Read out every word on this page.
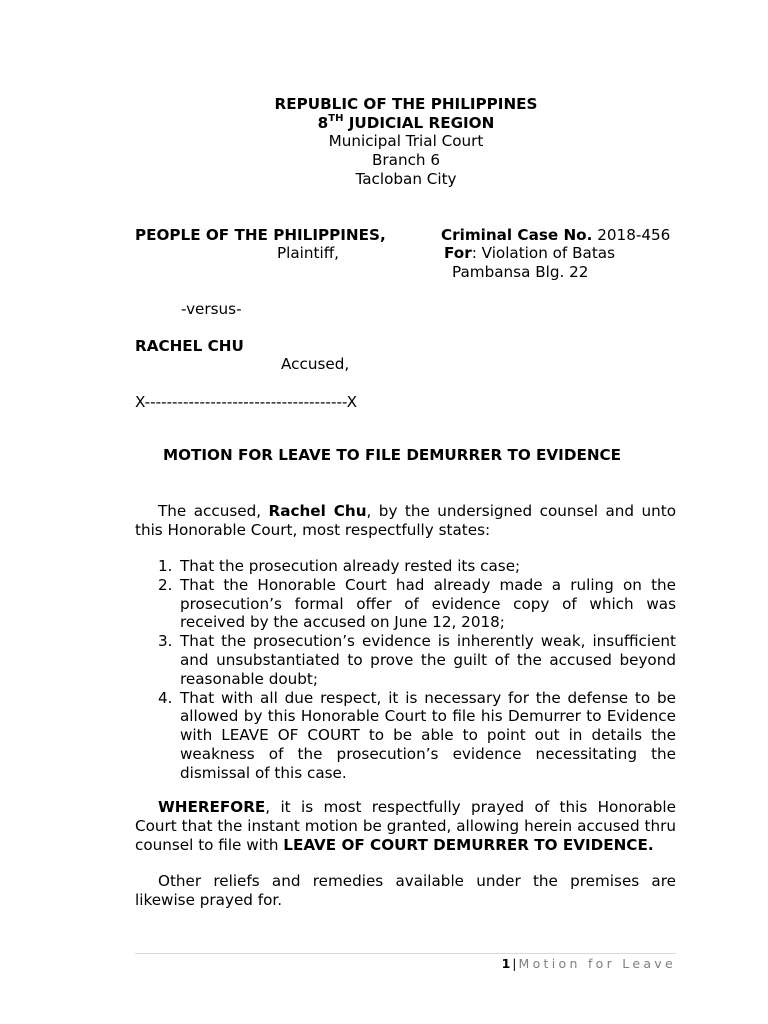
REPUBLIC OF THE PHILIPPINES
8TH JUDICIAL REGION
Municipal Trial Court
Branch 6
Tacloban City
PEOPLE OF THE PHILIPPINES,
Plaintiff,
Criminal Case No. 2018-456
For: Violation of Batas
Pambansa Blg. 22
-versus-
RACHEL CHU
Accused,
X-------------------------------------X
MOTION FOR LEAVE TO FILE DEMURRER TO EVIDENCE

The accused, Rachel Chu, by the undersigned counsel and unto this Honorable Court, most respectfully states:

1. That the prosecution already rested its case;
2. That the Honorable Court had already made a ruling on the prosecution’s formal offer of evidence copy of which was received by the accused on June 12, 2018;
3. That the prosecution’s evidence is inherently weak, insufficient and unsubstantiated to prove the guilt of the accused beyond reasonable doubt;
4. That with all due respect, it is necessary for the defense to be allowed by this Honorable Court to file his Demurrer to Evidence with LEAVE OF COURT to be able to point out in details the weakness of the prosecution’s evidence necessitating the dismissal of this case.

WHEREFORE, it is most respectfully prayed of this Honorable Court that the instant motion be granted, allowing herein accused thru counsel to file with LEAVE OF COURT DEMURRER TO EVIDENCE.

Other reliefs and remedies available under the premises are likewise prayed for.

1 | Motion for Leave
